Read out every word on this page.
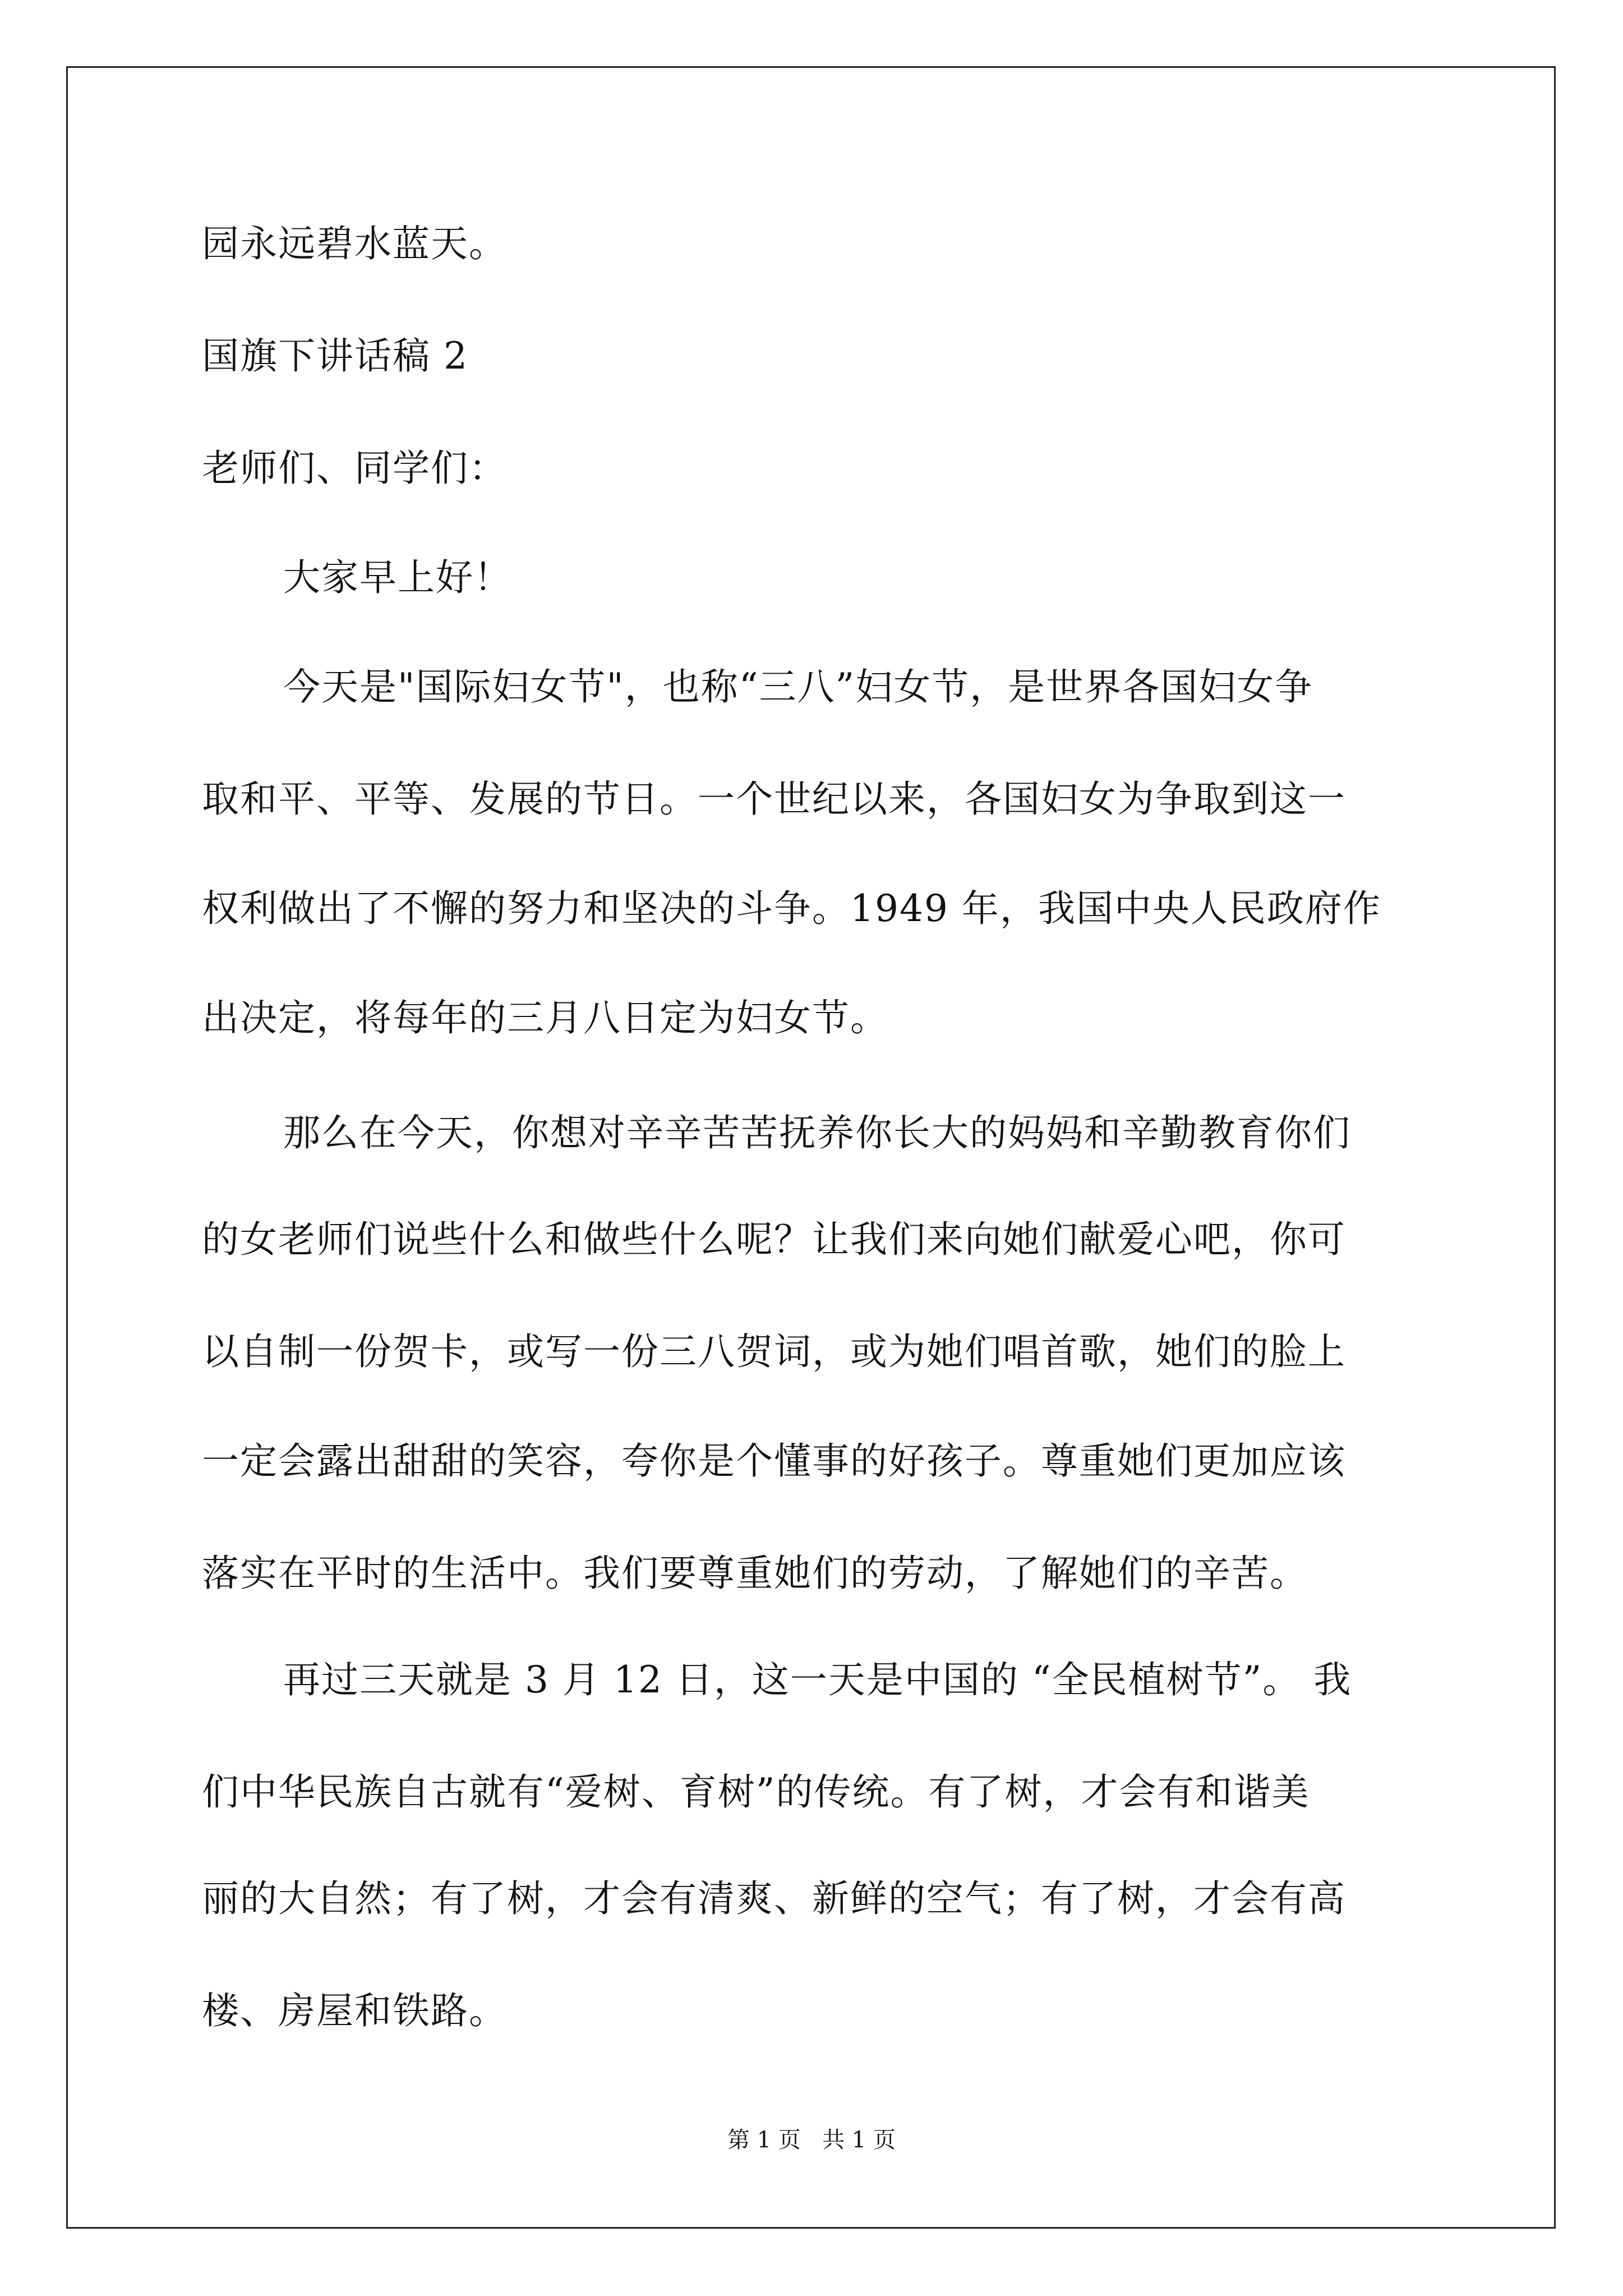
园永远碧水蓝天。
国旗下讲话稿 2
老师们、同学们：
大家早上好！
今天是"国际妇女节"，也称“三八”妇女节，是世界各国妇女争
取和平、平等、发展的节日。一个世纪以来，各国妇女为争取到这一
权利做出了不懈的努力和坚决的斗争。1949 年，我国中央人民政府作
出决定，将每年的三月八日定为妇女节。
那么在今天，你想对辛辛苦苦抚养你长大的妈妈和辛勤教育你们
的女老师们说些什么和做些什么呢？让我们来向她们献爱心吧，你可
以自制一份贺卡，或写一份三八贺词，或为她们唱首歌，她们的脸上
一定会露出甜甜的笑容，夸你是个懂事的好孩子。尊重她们更加应该
落实在平时的生活中。我们要尊重她们的劳动，了解她们的辛苦。
再过三天就是 3 月 12 日，这一天是中国的 “全民植树节”。 我
们中华民族自古就有“爱树、育树”的传统。有了树，才会有和谐美
丽的大自然；有了树，才会有清爽、新鲜的空气；有了树，才会有高
楼、房屋和铁路。
第 1 页   共 1 页
